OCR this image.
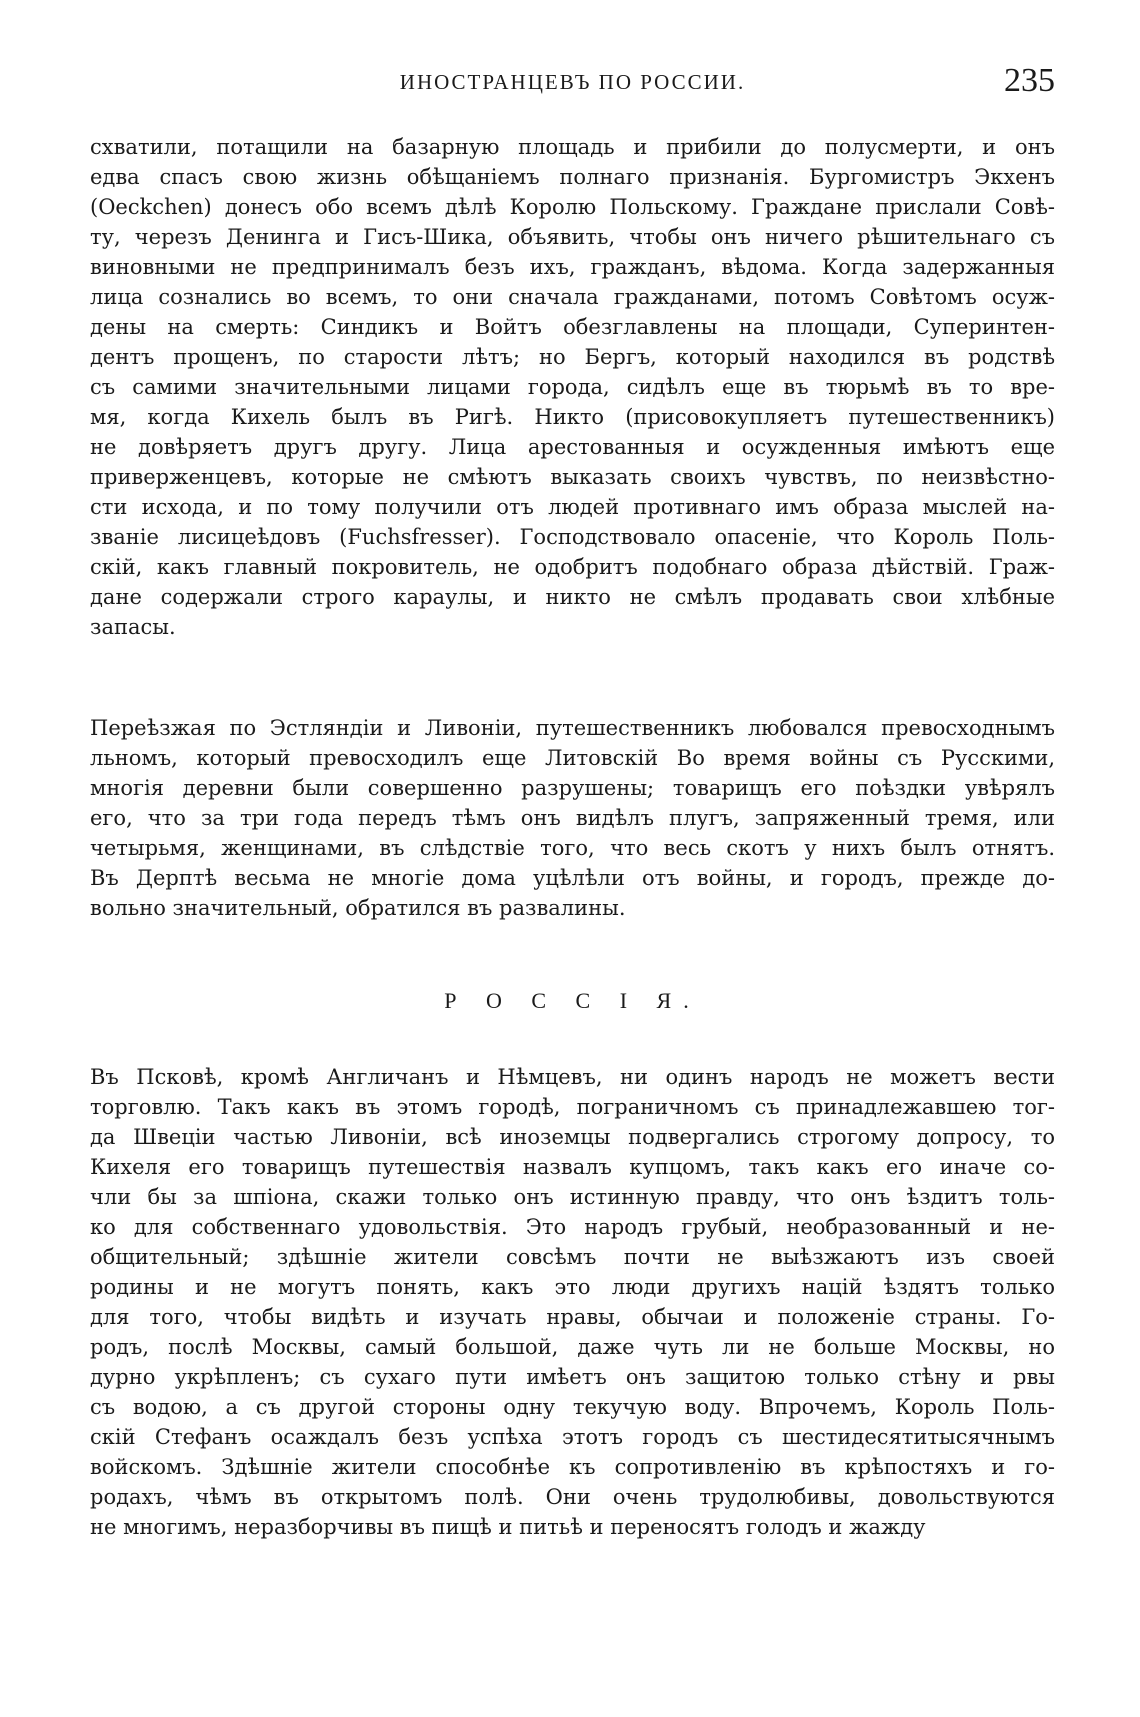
ИНОСТРАНЦЕВЪ ПО РОССИИ.	235
схватили, потащили на базарную площадь и прибили до полусмерти, и онъ
едва спасъ свою жизнь обѣщаніемъ полнаго признанія. Бургомистръ Экхенъ
(Oeckchen) донесъ обо всемъ дѣлѣ Королю Польскому. Граждане прислали Совѣ-
ту, черезъ Денинга и Гисъ-Шика, объявить, чтобы онъ ничего рѣшительнаго съ
виновными не предпринималъ безъ ихъ, гражданъ, вѣдома. Когда задержанныя
лица сознались во всемъ, то они сначала гражданами, потомъ Совѣтомъ осуж-
дены на смерть: Синдикъ и Войтъ обезглавлены на площади, Суперинтен-
дентъ прощенъ, по старости лѣтъ; но Бергъ, который находился въ родствѣ
съ самими значительными лицами города, сидѣлъ еще въ тюрьмѣ въ то вре-
мя, когда Кихель былъ въ Ригѣ. Никто (присовокупляетъ путешественникъ)
не довѣряетъ другъ другу. Лица арестованныя и осужденныя имѣютъ еще
приверженцевъ, которые не смѣютъ выказать своихъ чувствъ, по неизвѣстно-
сти исхода, и по тому получили отъ людей противнаго имъ образа мыслей на-
званіе лисицеѣдовъ (Fuchsfresser). Господствовало опасеніе, что Король Поль-
скій, какъ главный покровитель, не одобритъ подобнаго образа дѣйствій. Граж-
дане содержали строго караулы, и никто не смѣлъ продавать свои хлѣбные
запасы.
Переѣзжая по Эстляндіи и Ливоніи, путешественникъ любовался превосходнымъ
льномъ, который превосходилъ еще Литовскій Во время войны съ Русскими,
многія деревни были совершенно разрушены; товарищъ его поѣздки увѣрялъ
его, что за три года передъ тѣмъ онъ видѣлъ плугъ, запряженный тремя, или
четырьмя, женщинами, въ слѣдствіе того, что весь скотъ у нихъ былъ отнятъ.
Въ Дерптѣ весьма не многіе дома уцѣлѣли отъ войны, и городъ, прежде до-
вольно значительный, обратился въ развалины.
Р О С С І Я.
Въ Псковѣ, кромѣ Англичанъ и Нѣмцевъ, ни одинъ народъ не можетъ вести
торговлю. Такъ какъ въ этомъ городѣ, пограничномъ съ принадлежавшею тог-
да Швеціи частью Ливоніи, всѣ иноземцы подвергались строгому допросу, то
Кихеля его товарищъ путешествія назвалъ купцомъ, такъ какъ его иначе со-
чли бы за шпіона, скажи только онъ истинную правду, что онъ ѣздитъ толь-
ко для собственнаго удовольствія. Это народъ грубый, необразованный и не-
общительный; здѣшніе жители совсѣмъ почти не выѣзжаютъ изъ своей
родины и не могутъ понять, какъ это люди другихъ націй ѣздятъ только
для того, чтобы видѣть и изучать нравы, обычаи и положеніе страны. Го-
родъ, послѣ Москвы, самый большой, даже чуть ли не больше Москвы, но
дурно укрѣпленъ; съ сухаго пути имѣетъ онъ защитою только стѣну и рвы
съ водою, а съ другой стороны одну текучую воду. Впрочемъ, Король Поль-
скій Стефанъ осаждалъ безъ успѣха этотъ городъ съ шестидесятитысячнымъ
войскомъ. Здѣшніе жители способнѣе къ сопротивленію въ крѣпостяхъ и го-
родахъ, чѣмъ въ открытомъ полѣ. Они очень трудолюбивы, довольствуются
не многимъ, неразборчивы въ пищѣ и питьѣ и переносятъ голодъ и жажду
